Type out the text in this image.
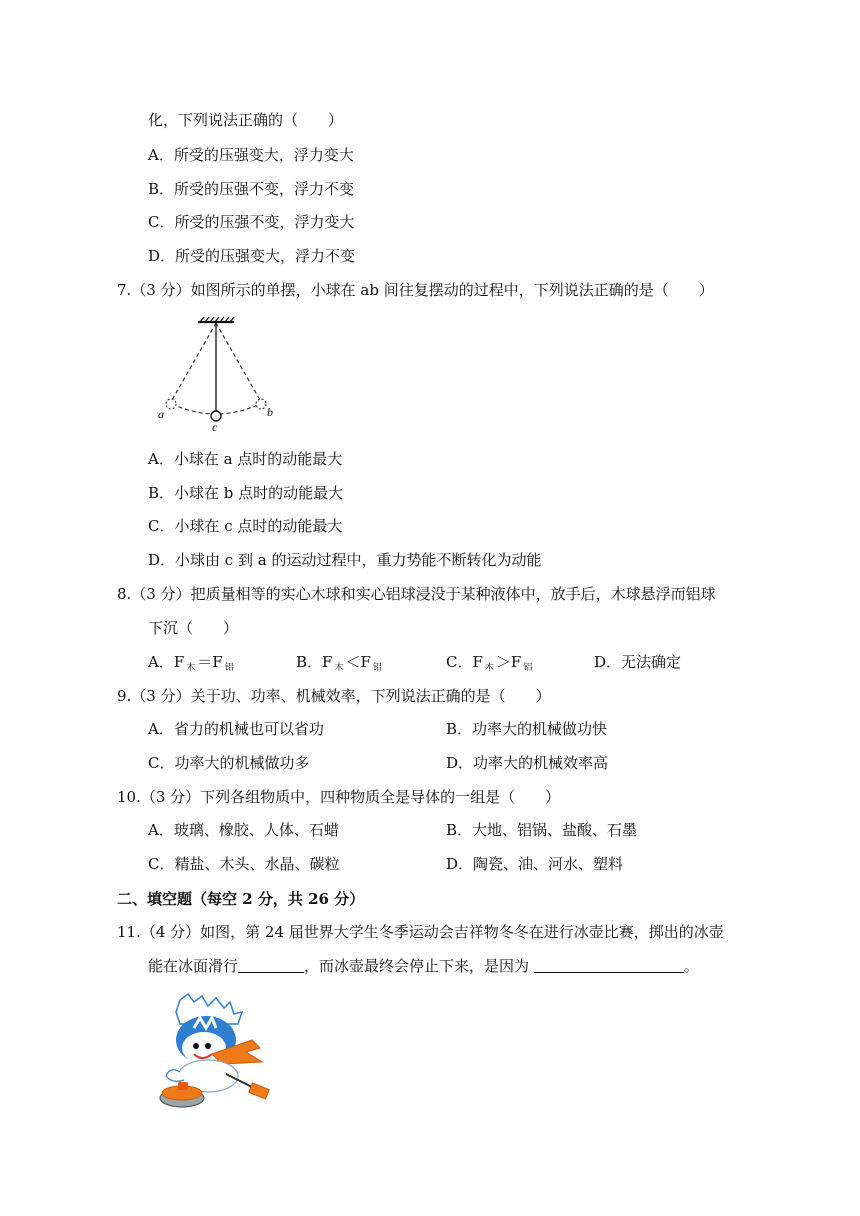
化，下列说法正确的（　　）
A．所受的压强变大，浮力变大
B．所受的压强不变，浮力不变
C．所受的压强不变，浮力变大
D．所受的压强变大，浮力不变
7.（3 分）如图所示的单摆，小球在 ab 间往复摆动的过程中，下列说法正确的是（　　）
a
c
b
A．小球在 a 点时的动能最大
B．小球在 b 点时的动能最大
C．小球在 c 点时的动能最大
D．小球由 c 到 a 的运动过程中，重力势能不断转化为动能
8.（3 分）把质量相等的实心木球和实心铝球浸没于某种液体中，放手后，木球悬浮而铝球
下沉（　　）
A．F $_木$ ＝F $_铝$	B．F $_木$ ＜F $_铝$	C．F $_木$ ＞F $_铝$	D．无法确定
9.（3 分）关于功、功率、机械效率，下列说法正确的是（　　）
A．省力的机械也可以省功	B．功率大的机械做功快
C．功率大的机械做功多	D．功率大的机械效率高
10.（3 分）下列各组物质中，四种物质全是导体的一组是（　　）
A．玻璃、橡胶、人体、石蜡	B．大地、铝锅、盐酸、石墨
C．精盐、木头、水晶、碳粒	D．陶瓷、油、河水、塑料
二、填空题（每空 2 分，共 26 分）
11.（4 分）如图，第 24 届世界大学生冬季运动会吉祥物冬冬在进行冰壶比赛，掷出的冰壶
能在冰面滑行	，而冰壶最终会停止下来，是因为	。
